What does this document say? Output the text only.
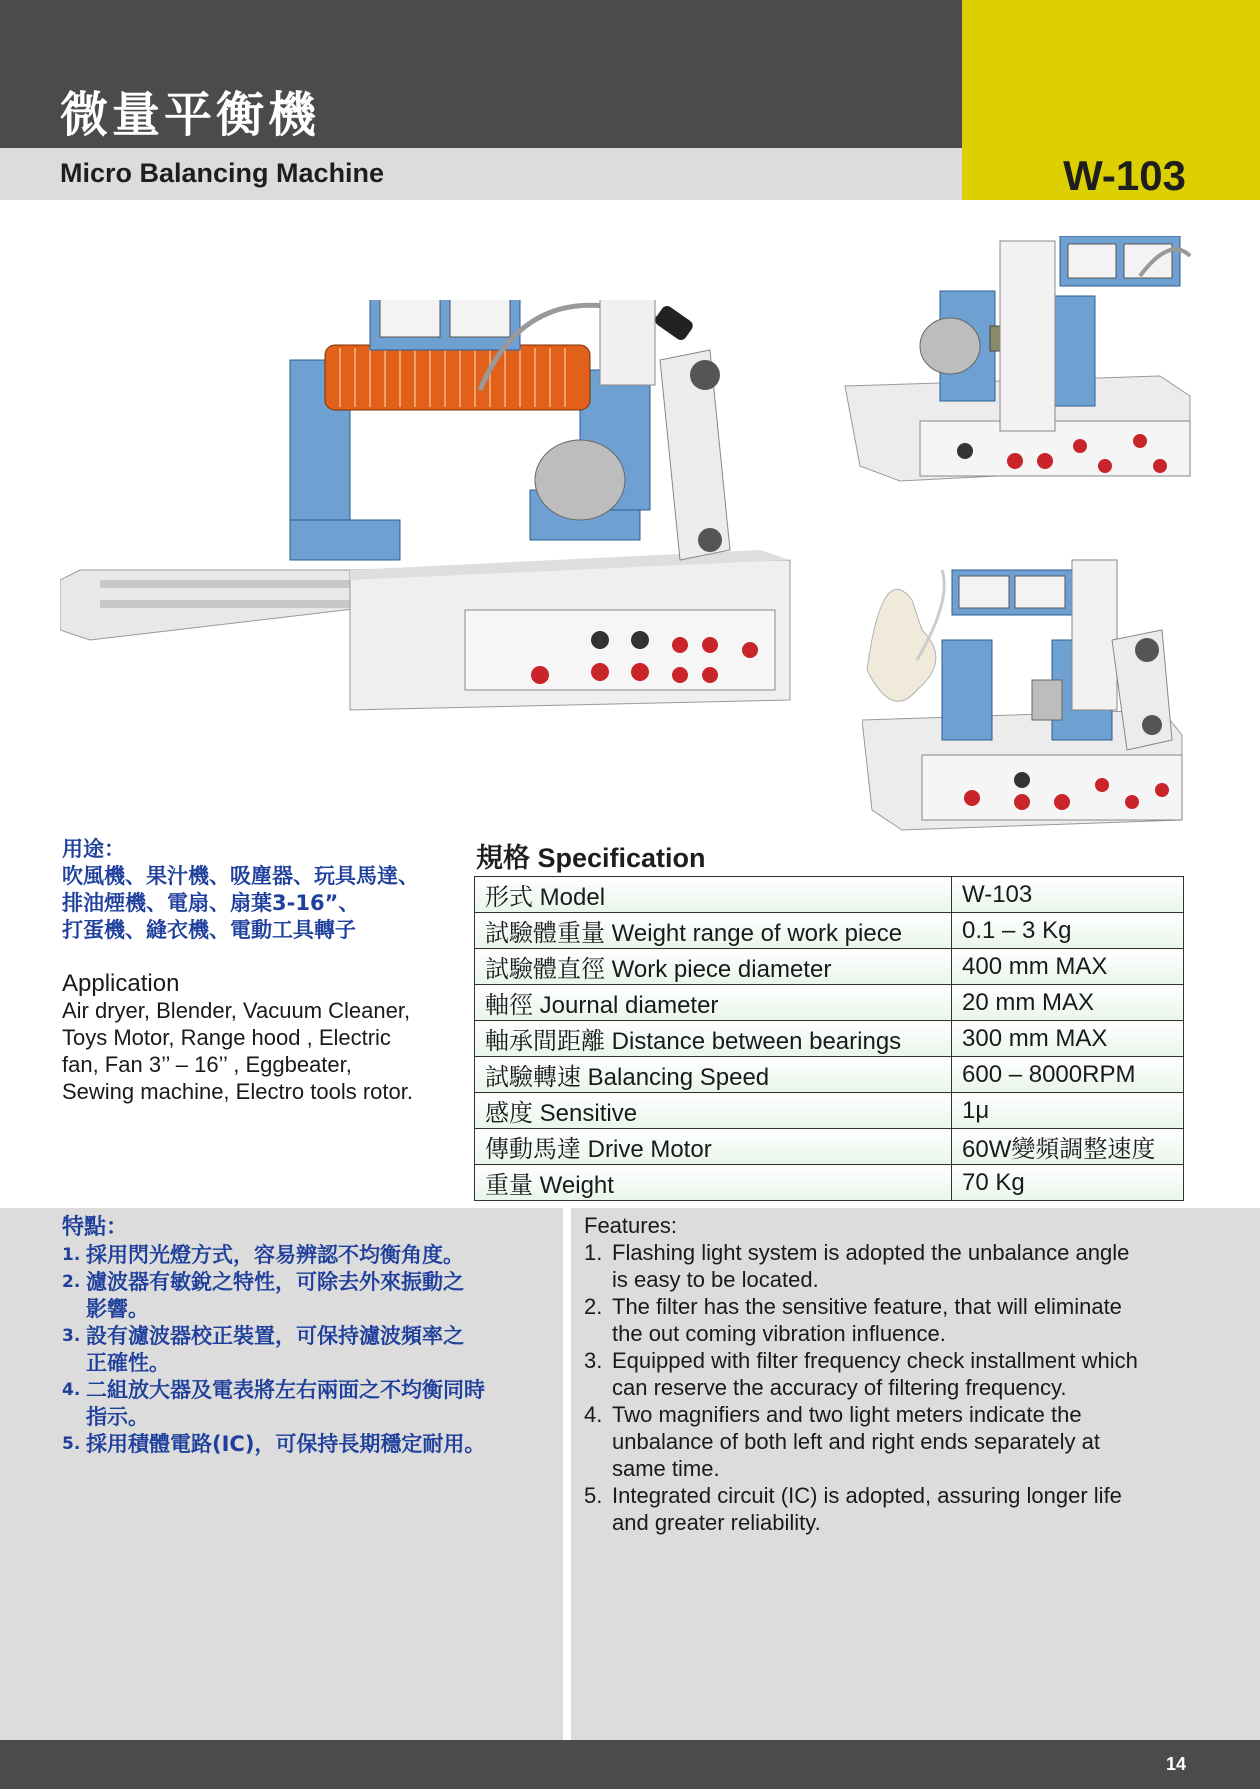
微量平衡機
Micro Balancing Machine	W-103
用途：
吹風機、果汁機、吸塵器、玩具馬達、
排油煙機、電扇、扇葉3-16”、
打蛋機、縫衣機、電動工具轉子
Application
Air dryer, Blender, Vacuum Cleaner,
Toys Motor, Range hood , Electric
fan, Fan 3’’ – 16’’ , Eggbeater,
Sewing machine, Electro tools rotor.
規格 Specification
形式 Model	W-103
試驗體重量 Weight range of work piece	0.1 – 3 Kg
試驗體直徑 Work piece diameter	400 mm MAX
軸徑 Journal diameter	20 mm MAX
軸承間距離 Distance between bearings	300 mm MAX
試驗轉速 Balancing Speed	600 – 8000RPM
感度 Sensitive	1μ
傳動馬達 Drive Motor	60W變頻調整速度
重量 Weight	70 Kg
特點：
1. 採用閃光燈方式，容易辨認不均衡角度。
2. 濾波器有敏銳之特性，可除去外來振動之
影響。
3. 設有濾波器校正裝置，可保持濾波頻率之
正確性。
4. 二組放大器及電表將左右兩面之不均衡同時
指示。
5. 採用積體電路(IC)，可保持長期穩定耐用。
Features:
1. Flashing light system is adopted the unbalance angle
is easy to be located.
2. The filter has the sensitive feature, that will eliminate
the out coming vibration influence.
3. Equipped with filter frequency check installment which
can reserve the accuracy of filtering frequency.
4. Two magnifiers and two light meters indicate the
unbalance of both left and right ends separately at
same time.
5. Integrated circuit (IC) is adopted, assuring longer life
and greater reliability.
14
